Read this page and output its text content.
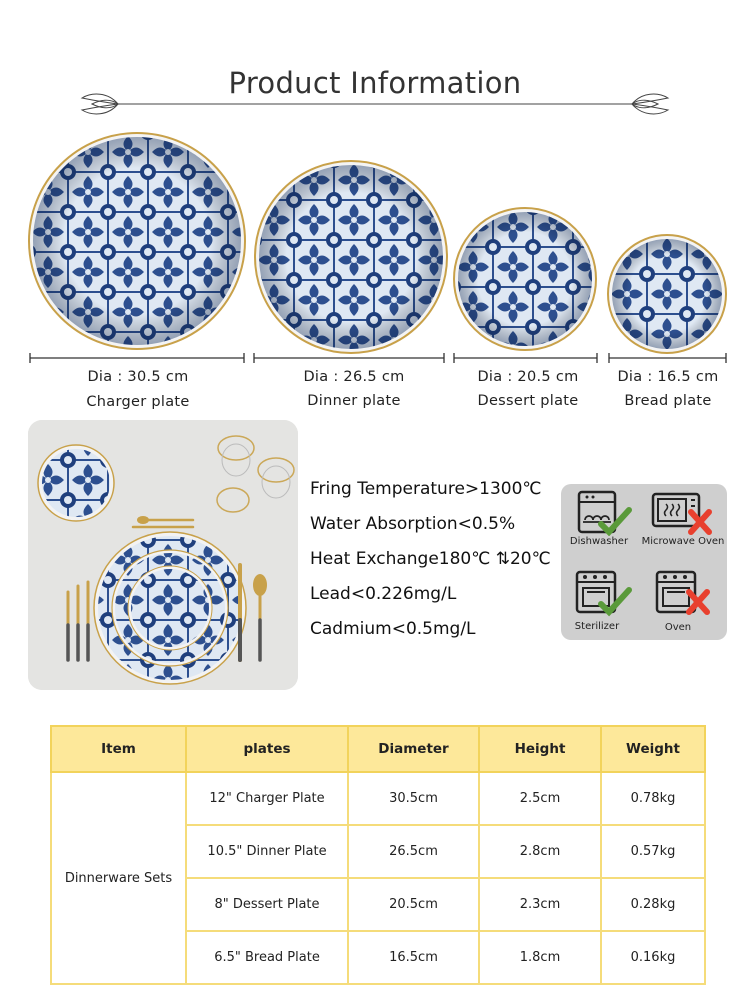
Product Information
Dia : 30.5 cm
Charger plate
Dia : 26.5 cm
Dinner plate
Dia : 20.5 cm
Dessert plate
Dia : 16.5 cm
Bread plate
Fring Temperature>1300℃
Water Absorption<0.5%
Heat Exchange180℃ ⇅20℃
Lead<0.226mg/L
Cadmium<0.5mg/L
Dishwasher	Microwave Oven
Sterilizer	Oven
Item	plates	Diameter	Height	Weight
Dinnerware Sets	12" Charger Plate	30.5cm	2.5cm	0.78kg
	10.5" Dinner Plate	26.5cm	2.8cm	0.57kg
	8" Dessert Plate	20.5cm	2.3cm	0.28kg
	6.5" Bread Plate	16.5cm	1.8cm	0.16kg
